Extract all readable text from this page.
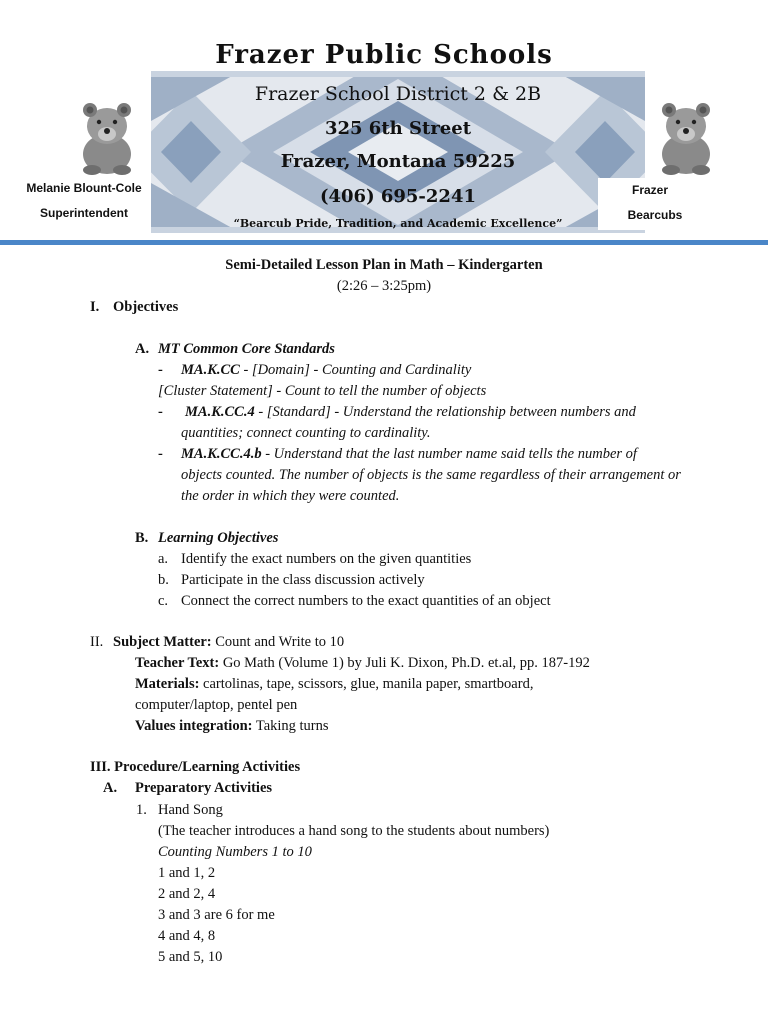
Frazer Public Schools
Frazer School District 2 & 2B
325 6th Street
Frazer, Montana 59225
(406) 695-2241
“Bearcub Pride, Tradition, and Academic Excellence”
Melanie Blount-Cole
Superintendent
Frazer
Bearcubs
Semi-Detailed Lesson Plan in Math – Kindergarten
(2:26 – 3:25pm)
I. Objectives
A. MT Common Core Standards
- MA.K.CC - [Domain] - Counting and Cardinality
[Cluster Statement] - Count to tell the number of objects
- MA.K.CC.4 - [Standard] - Understand the relationship between numbers and
quantities; connect counting to cardinality.
- MA.K.CC.4.b - Understand that the last number name said tells the number of
objects counted. The number of objects is the same regardless of their arrangement or
the order in which they were counted.
B. Learning Objectives
a. Identify the exact numbers on the given quantities
b. Participate in the class discussion actively
c. Connect the correct numbers to the exact quantities of an object
II. Subject Matter: Count and Write to 10
Teacher Text: Go Math (Volume 1) by Juli K. Dixon, Ph.D. et.al, pp. 187-192
Materials: cartolinas, tape, scissors, glue, manila paper, smartboard,
computer/laptop, pentel pen
Values integration: Taking turns
III. Procedure/Learning Activities
A. Preparatory Activities
1. Hand Song
(The teacher introduces a hand song to the students about numbers)
Counting Numbers 1 to 10
1 and 1, 2
2 and 2, 4
3 and 3 are 6 for me
4 and 4, 8
5 and 5, 10
